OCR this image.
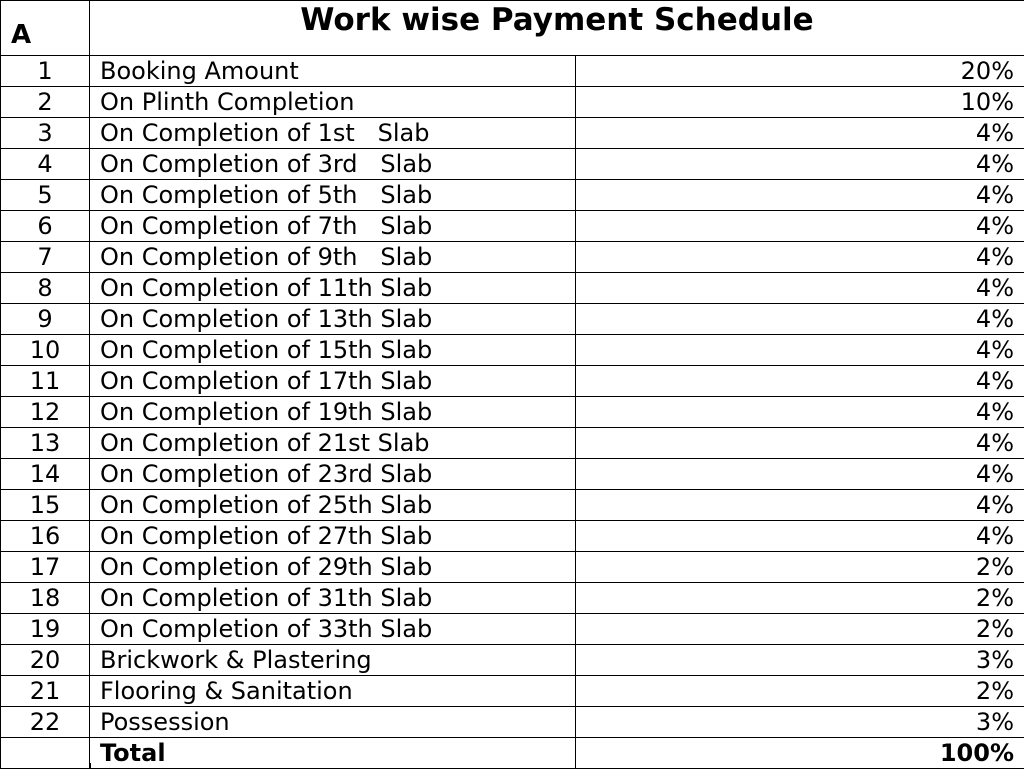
A	Work wise Payment Schedule	
1	Booking Amount	20%
2	On Plinth Completion	10%
3	On Completion of 1st   Slab	4%
4	On Completion of 3rd   Slab	4%
5	On Completion of 5th   Slab	4%
6	On Completion of 7th   Slab	4%
7	On Completion of 9th   Slab	4%
8	On Completion of 11th Slab	4%
9	On Completion of 13th Slab	4%
10	On Completion of 15th Slab	4%
11	On Completion of 17th Slab	4%
12	On Completion of 19th Slab	4%
13	On Completion of 21st Slab	4%
14	On Completion of 23rd Slab	4%
15	On Completion of 25th Slab	4%
16	On Completion of 27th Slab	4%
17	On Completion of 29th Slab	2%
18	On Completion of 31th Slab	2%
19	On Completion of 33th Slab	2%
20	Brickwork & Plastering	3%
21	Flooring & Sanitation	2%
22	Possession	3%
	Total	100%
